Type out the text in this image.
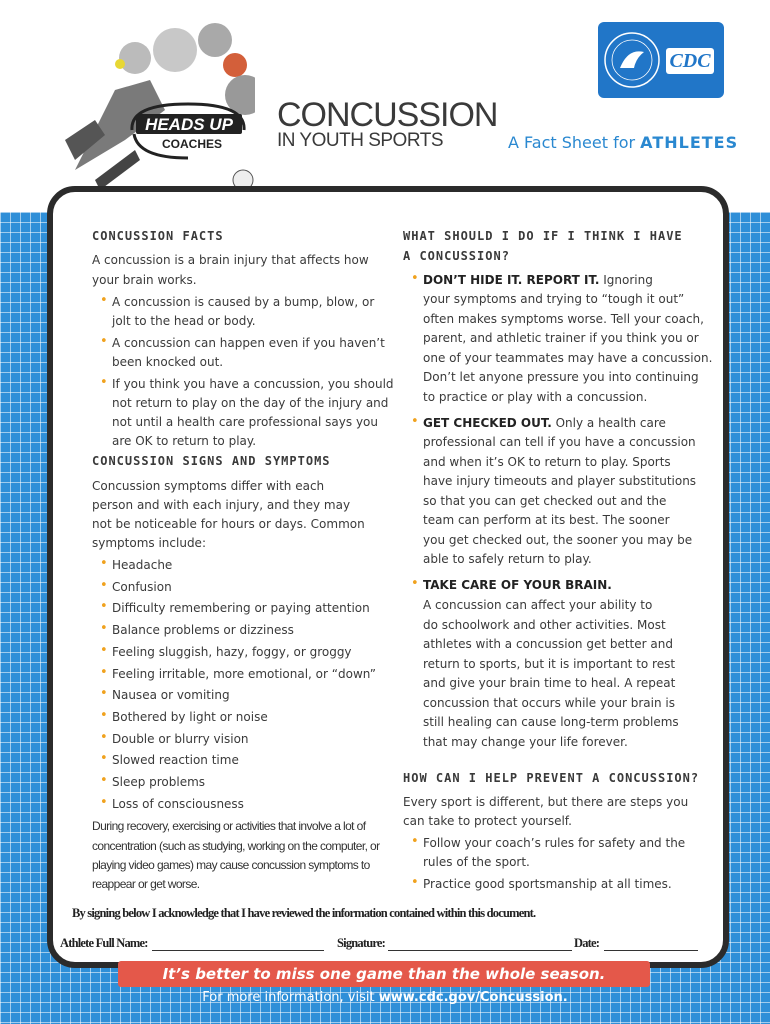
HEADS UP
COACHES
CONCUSSION
IN YOUTH SPORTS	A Fact Sheet for ATHLETES
CDC
CONCUSSION FACTS
A concussion is a brain injury that affects how
your brain works.
• A concussion is caused by a bump, blow, or
jolt to the head or body.
• A concussion can happen even if you haven’t
been knocked out.
• If you think you have a concussion, you should
not return to play on the day of the injury and
not until a health care professional says you
are OK to return to play.
CONCUSSION SIGNS AND SYMPTOMS
Concussion symptoms differ with each
person and with each injury, and they may
not be noticeable for hours or days. Common
symptoms include:
• Headache
• Confusion
• Difficulty remembering or paying attention
• Balance problems or dizziness
• Feeling sluggish, hazy, foggy, or groggy
• Feeling irritable, more emotional, or “down”
• Nausea or vomiting
• Bothered by light or noise
• Double or blurry vision
• Slowed reaction time
• Sleep problems
• Loss of consciousness
During recovery, exercising or activities that involve a lot of
concentration (such as studying, working on the computer, or
playing video games) may cause concussion symptoms to
reappear or get worse.
WHAT SHOULD I DO IF I THINK I HAVE
A CONCUSSION?
• DON’T HIDE IT. REPORT IT. Ignoring
your symptoms and trying to “tough it out”
often makes symptoms worse. Tell your coach,
parent, and athletic trainer if you think you or
one of your teammates may have a concussion.
Don’t let anyone pressure you into continuing
to practice or play with a concussion.
• GET CHECKED OUT. Only a health care
professional can tell if you have a concussion
and when it’s OK to return to play. Sports
have injury timeouts and player substitutions
so that you can get checked out and the
team can perform at its best. The sooner
you get checked out, the sooner you may be
able to safely return to play.
• TAKE CARE OF YOUR BRAIN.
A concussion can affect your ability to
do schoolwork and other activities. Most
athletes with a concussion get better and
return to sports, but it is important to rest
and give your brain time to heal. A repeat
concussion that occurs while your brain is
still healing can cause long-term problems
that may change your life forever.
HOW CAN I HELP PREVENT A CONCUSSION?
Every sport is different, but there are steps you
can take to protect yourself.
• Follow your coach’s rules for safety and the
rules of the sport.
• Practice good sportsmanship at all times.
By signing below I acknowledge that I have reviewed the information contained within this document.
Athlete Full Name:	Signature:	Date:
It’s better to miss one game than the whole season.
For more information, visit www.cdc.gov/Concussion.
